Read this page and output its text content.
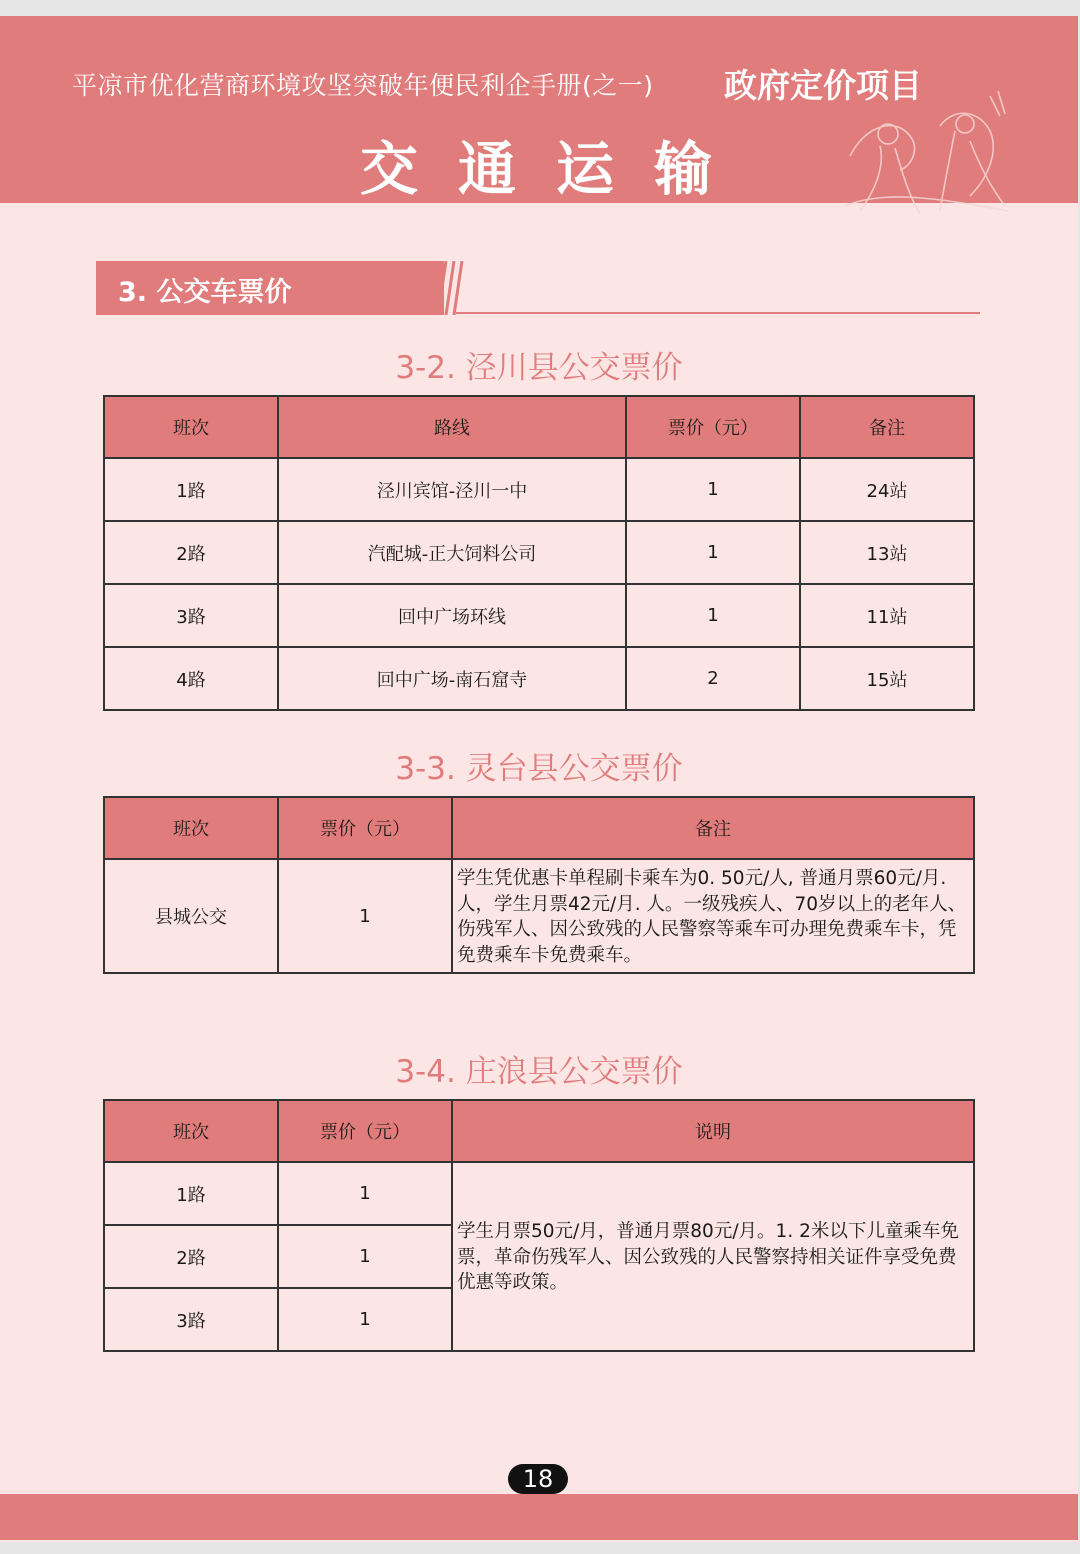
平凉市优化营商环境攻坚突破年便民利企手册(之一) 政府定价项目
交通运输
3. 公交车票价
3-2. 泾川县公交票价
班次	路线	票价（元）	备注
1路	泾川宾馆-泾川一中	1	24站
2路	汽配城-正大饲料公司	1	13站
3路	回中广场环线	1	11站
4路	回中广场-南石窟寺	2	15站
3-3. 灵台县公交票价
班次	票价（元）	备注
县城公交	1	学生凭优惠卡单程刷卡乘车为0. 50元/人, 普通月票60元/月. 人，学生月票42元/月. 人。一级残疾人、70岁以上的老年人、伤残军人、因公致残的人民警察等乘车可办理免费乘车卡，凭免费乘车卡免费乘车。
3-4. 庄浪县公交票价
班次	票价（元）	说明
1路	1	学生月票50元/月，普通月票80元/月。1. 2米以下儿童乘车免票，革命伤残军人、因公致残的人民警察持相关证件享受免费优惠等政策。
2路	1	
3路	1	
18
